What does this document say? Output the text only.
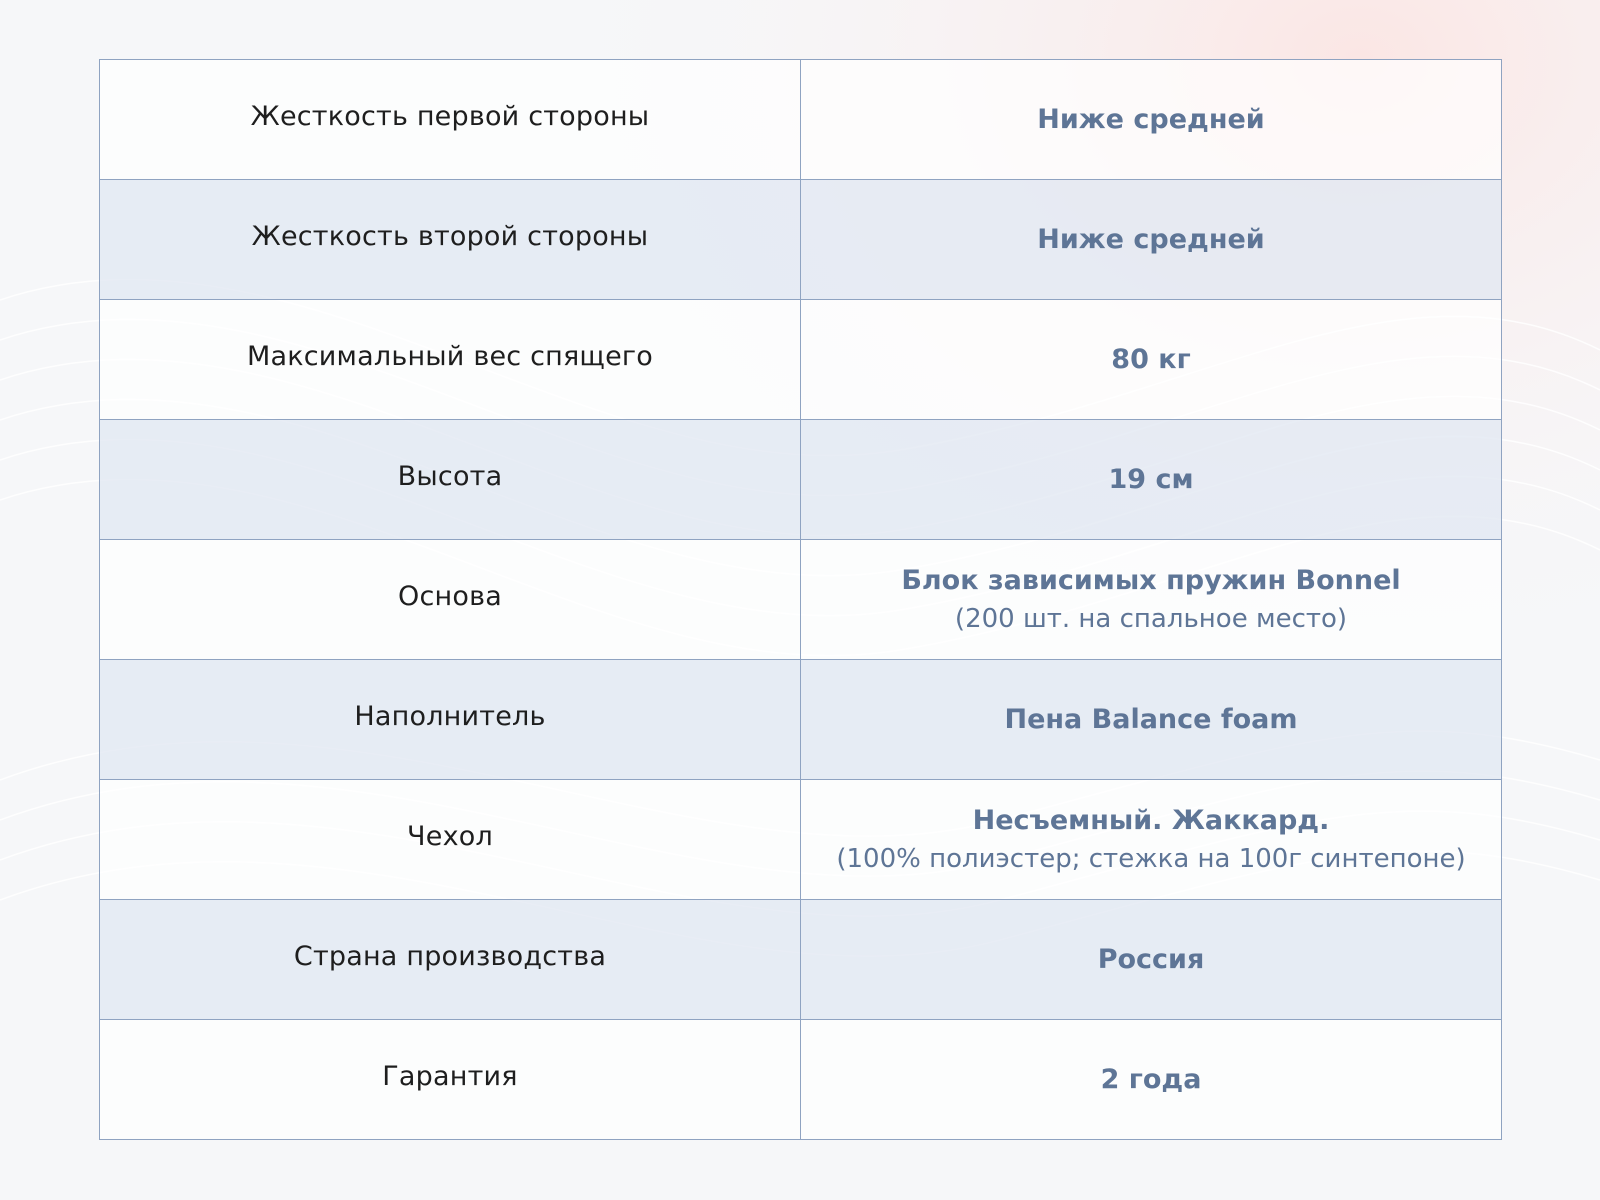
Жесткость первой стороны	Ниже средней

Жесткость второй стороны	Ниже средней

Максимальный вес спящего	80 кг

Высота	19 см

Основа	Блок зависимых пружин Bonnel
(200 шт. на спальное место)

Наполнитель	Пена Balance foam

Чехол	Несъемный. Жаккард.
(100% полиэстер; стежка на 100г синтепоне)

Страна производства	Россия

Гарантия	2 года
